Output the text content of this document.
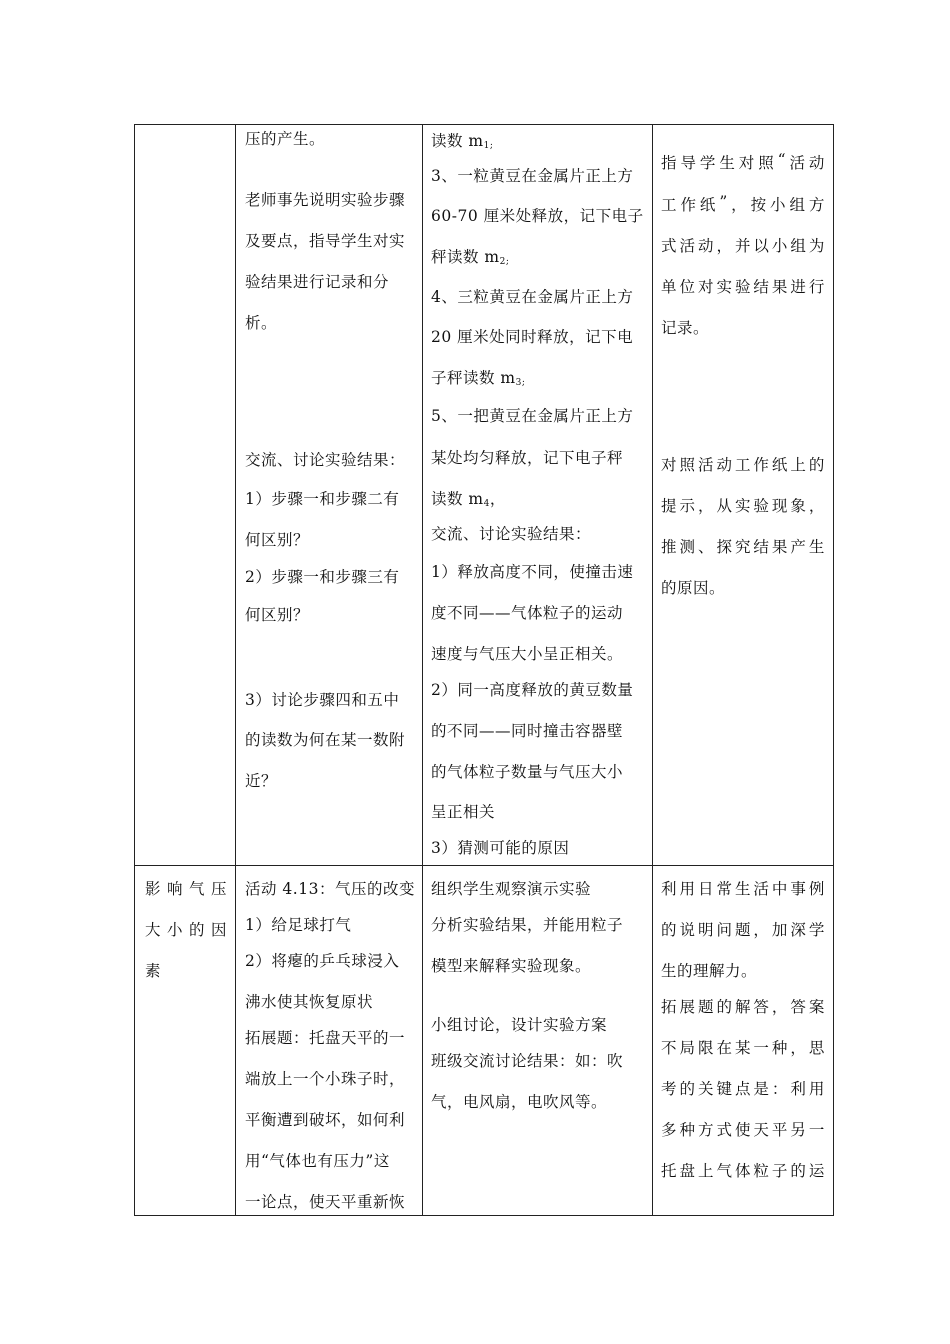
压的产生。
老师事先说明实验步骤
及要点，指导学生对实
验结果进行记录和分
析。
交流、讨论实验结果：
1）步骤一和步骤二有
何区别？
2）步骤一和步骤三有
何区别？
3）讨论步骤四和五中
的读数为何在某一数附
近？
读数 $m_{1;}$
3、一粒黄豆在金属片正上方
60-70 厘米处释放，记下电子
秤读数 $m_{2;}$
4、三粒黄豆在金属片正上方
20 厘米处同时释放，记下电
子秤读数 $m_{3;}$
5、一把黄豆在金属片正上方
某处均匀释放，记下电子秤
读数 $m_4$，
交流、讨论实验结果：
1）释放高度不同，使撞击速
度不同——气体粒子的运动
速度与气压大小呈正相关。
2）同一高度释放的黄豆数量
的不同——同时撞击容器壁
的气体粒子数量与气压大小
呈正相关
3）猜测可能的原因
指 导 学 生 对 照 “ 活 动
工 作 纸 ” ， 按 小 组 方
式 活 动 ， 并 以 小 组 为
单 位 对 实 验 结 果 进 行
记录。
对 照 活 动 工 作 纸 上 的
提 示 ， 从 实 验 现 象 ，
推 测 、 探 究 结 果 产 生
的原因。
影 响 气 压
大 小 的 因
素
活动 4.13：气压的改变
1）给足球打气
2）将瘪的乒乓球浸入
沸水使其恢复原状
拓展题：托盘天平的一
端放上一个小珠子时，
平衡遭到破坏，如何利
用“气体也有压力”这
一论点，使天平重新恢
组织学生观察演示实验
分析实验结果，并能用粒子
模型来解释实验现象。
小组讨论，设计实验方案
班级交流讨论结果：如：吹
气，电风扇，电吹风等。
利 用 日 常 生 活 中 事 例
的 说 明 问 题 ， 加 深 学
生的理解力。
拓 展 题 的 解 答 ， 答 案
不 局 限 在 某 一 种 ， 思
考 的 关 键 点 是 ： 利 用
多 种 方 式 使 天 平 另 一
托 盘 上 气 体 粒 子 的 运
